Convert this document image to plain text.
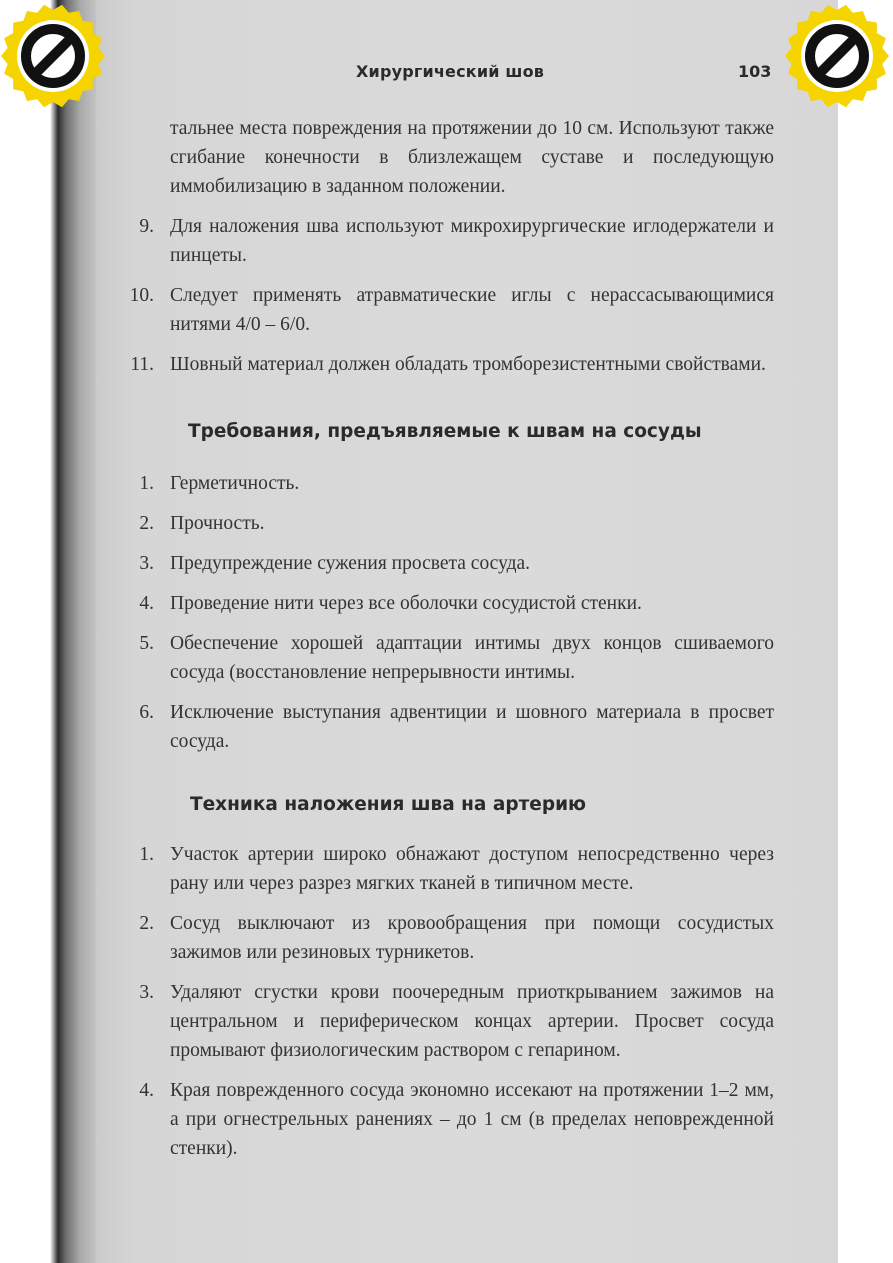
Хирургический шов	103

тальнее места повреждения на протяжении до 10 см. Используют также сгибание конечности в близлежащем суставе и последующую иммобилизацию в заданном положении.

9. Для наложения шва используют микрохирургические иглодержатели и пинцеты.
10. Следует применять атравматические иглы с нерассасывающимися нитями 4/0 – 6/0.
11. Шовный материал должен обладать тромборезистентными свойствами.
Требования, предъявляемые к швам на сосуды
1. Герметичность.
2. Прочность.
3. Предупреждение сужения просвета сосуда.
4. Проведение нити через все оболочки сосудистой стенки.
5. Обеспечение хорошей адаптации интимы двух концов сшиваемого сосуда (восстановление непрерывности интимы.
6. Исключение выступания адвентиции и шовного материала в просвет сосуда.
Техника наложения шва на артерию
1. Участок артерии широко обнажают доступом непосредственно через рану или через разрез мягких тканей в типичном месте.
2. Сосуд выключают из кровообращения при помощи сосудистых зажимов или резиновых турникетов.
3. Удаляют сгустки крови поочередным приоткрыванием зажимов на центральном и периферическом концах артерии. Просвет сосуда промывают физиологическим раствором с гепарином.
4. Края поврежденного сосуда экономно иссекают на протяжении 1–2 мм, а при огнестрельных ранениях – до 1 см (в пределах неповрежденной стенки).
